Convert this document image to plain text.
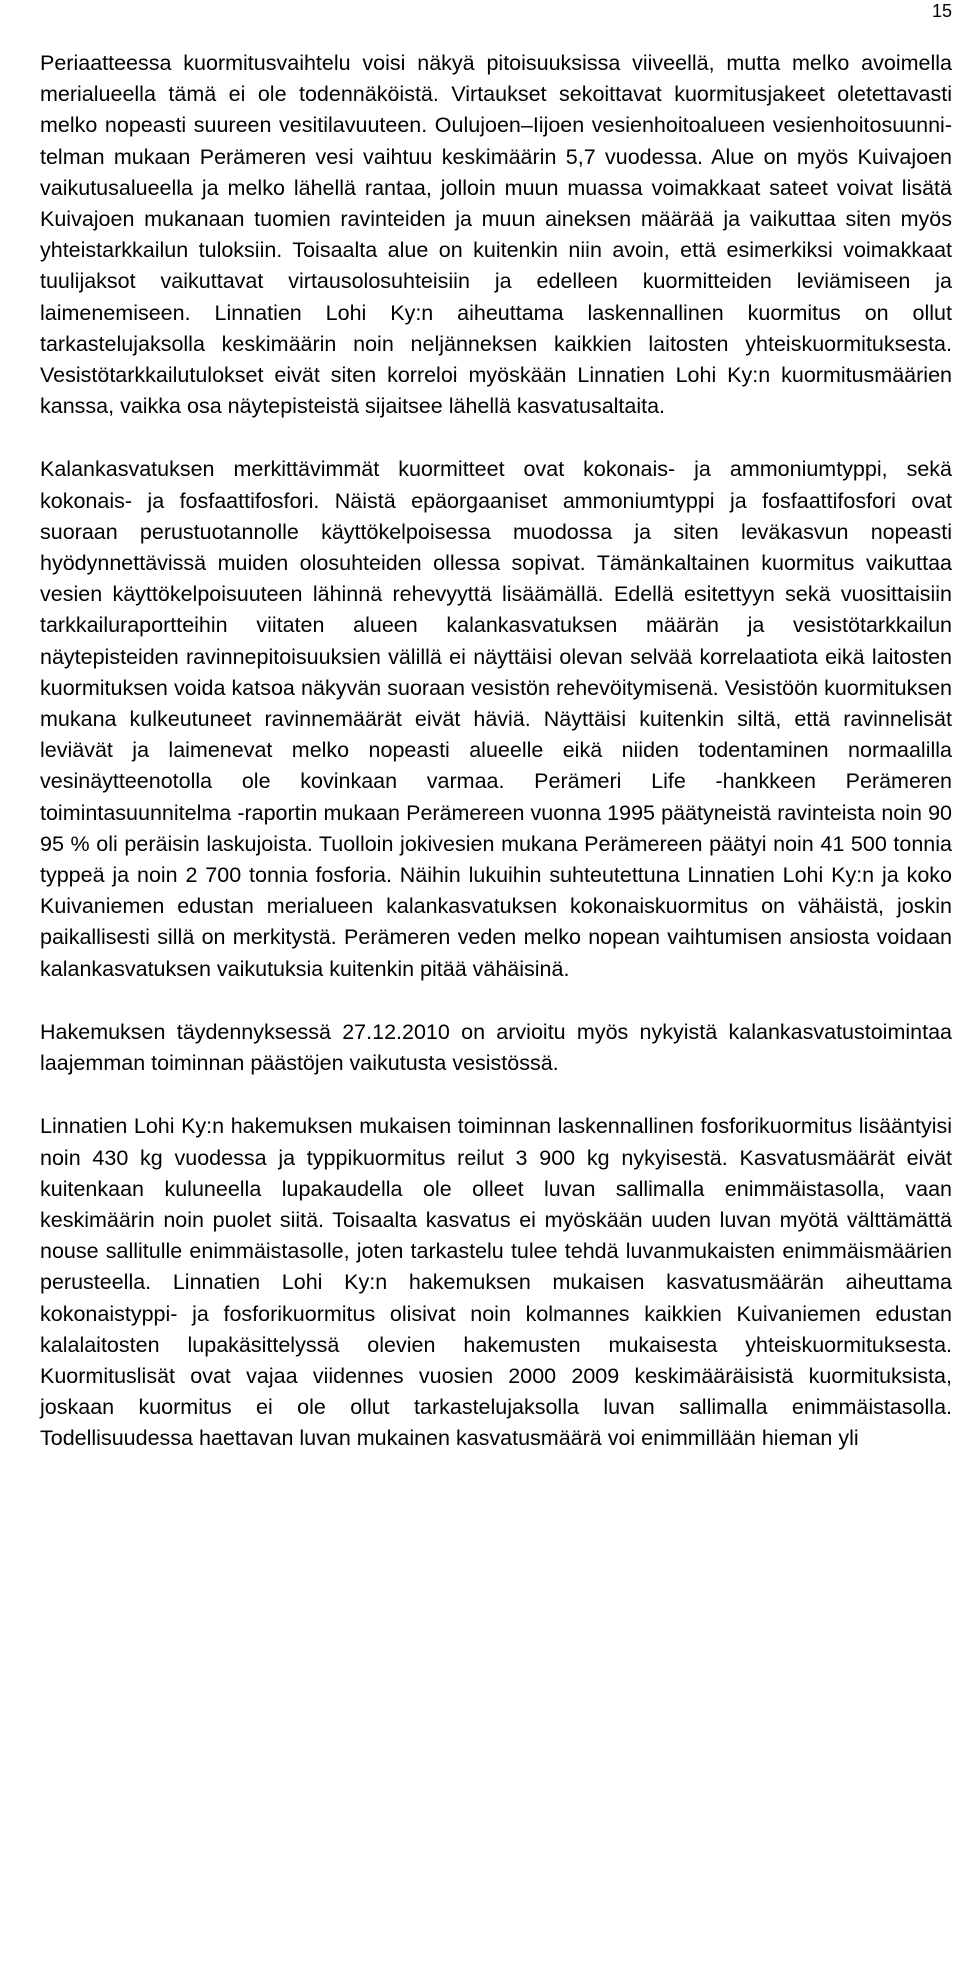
15

Periaatteessa kuormitusvaihtelu voisi näkyä pitoisuuksissa viiveellä, mutta melko avoimella merialueella tämä ei ole todennäköistä. Virtaukset sekoittavat kuormitusjakeet oletettavasti melko nopeasti suureen vesitilavuuteen. Oulujoen–Iijoen vesienhoitoalueen vesienhoitosuunnitelman mukaan Perämeren vesi vaihtuu keskimäärin 5,7 vuodessa. Alue on myös Kuivajoen vaikutusalueella ja melko lähellä rantaa, jolloin muun muassa voimakkaat sateet voivat lisätä Kuivajoen mukanaan tuomien ravinteiden ja muun aineksen määrää ja vaikuttaa siten myös yhteistarkkailun tuloksiin. Toisaalta alue on kuitenkin niin avoin, että esimerkiksi voimakkaat tuulijaksot vaikuttavat virtausolosuhteisiin ja edelleen kuormitteiden leviämiseen ja laimenemiseen. Linnatien Lohi Ky:n aiheuttama laskennallinen kuormitus on ollut tarkastelujaksolla keskimäärin noin neljänneksen kaikkien laitosten yhteiskuormituksesta. Vesistötarkkailutulokset eivät siten korreloi myöskään Linnatien Lohi Ky:n kuormitusmäärien kanssa, vaikka osa näytepisteistä sijaitsee lähellä kasvatusaltaita.

Kalankasvatuksen merkittävimmät kuormitteet ovat kokonais- ja ammoniumtyppi, sekä kokonais- ja fosfaattifosfori. Näistä epäorgaaniset ammoniumtyppi ja fosfaattifosfori ovat suoraan perustuotannolle käyttökelpoisessa muodossa ja siten leväkasvun nopeasti hyödynnettävissä muiden olosuhteiden ollessa sopivat. Tämänkaltainen kuormitus vaikuttaa vesien käyttökelpoisuuteen lähinnä rehevyyttä lisäämällä. Edellä esitettyyn sekä vuosittaisiin tarkkailuraportteihin viitaten alueen kalankasvatuksen määrän ja vesistötarkkailun näytepisteiden ravinnepitoisuuksien välillä ei näyttäisi olevan selvää korrelaatiota eikä laitosten kuormituksen voida katsoa näkyvän suoraan vesistön rehevöitymisenä. Vesistöön kuormituksen mukana kulkeutuneet ravinnemäärät eivät häviä. Näyttäisi kuitenkin siltä, että ravinnelisät leviävät ja laimenevat melko nopeasti alueelle eikä niiden todentaminen normaalilla vesinäytteenotolla ole kovinkaan varmaa. Perämeri Life -hankkeen Perämeren toimintasuunnitelma -raportin mukaan Perämereen vuonna 1995 päätyneistä ravinteista noin 90 95 % oli peräisin laskujoista. Tuolloin jokivesien mukana Perämereen päätyi noin 41 500 tonnia typpeä ja noin 2 700 tonnia fosforia. Näihin lukuihin suhteutettuna Linnatien Lohi Ky:n ja koko Kuivaniemen edustan merialueen kalankasvatuksen kokonaiskuormitus on vähäistä, joskin paikallisesti sillä on merkitystä. Perämeren veden melko nopean vaihtumisen ansiosta voidaan kalankasvatuksen vaikutuksia kuitenkin pitää vähäisinä.

Hakemuksen täydennyksessä 27.12.2010 on arvioitu myös nykyistä kalankasvatustoimintaa laajemman toiminnan päästöjen vaikutusta vesistössä.

Linnatien Lohi Ky:n hakemuksen mukaisen toiminnan laskennallinen fosforikuormitus lisääntyisi noin 430 kg vuodessa ja typpikuormitus reilut 3 900 kg nykyisestä. Kasvatusmäärät eivät kuitenkaan kuluneella lupakaudella ole olleet luvan sallimalla enimmäistasolla, vaan keskimäärin noin puolet siitä. Toisaalta kasvatus ei myöskään uuden luvan myötä välttämättä nouse sallitulle enimmäistasolle, joten tarkastelu tulee tehdä luvanmukaisten enimmäismäärien perusteella. Linnatien Lohi Ky:n hakemuksen mukaisen kasvatusmäärän aiheuttama kokonaistyppi- ja fosforikuormitus olisivat noin kolmannes kaikkien Kuivaniemen edustan kalalaitosten lupakäsittelyssä olevien hakemusten mukaisesta yhteiskuormituksesta. Kuormituslisät ovat vajaa viidennes vuosien 2000 2009 keskimääräisistä kuormituksista, joskaan kuormitus ei ole ollut tarkastelujaksolla luvan sallimalla enimmäistasolla. Todellisuudessa haettavan luvan mukainen kasvatusmäärä voi enimmillään hieman yli
